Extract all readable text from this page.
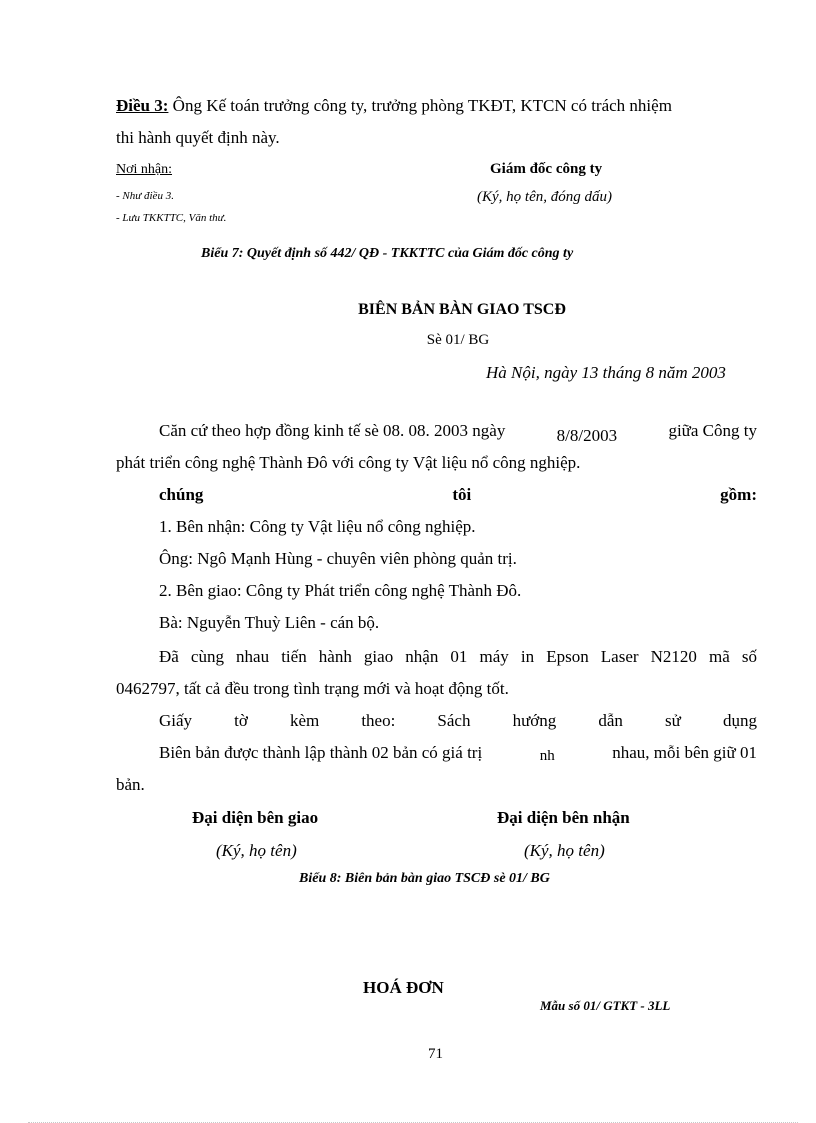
Điều 3: Ông Kế toán trưởng công ty, trưởng phòng TKĐT, KTCN có trách nhiệm
thi hành quyết định này.
Nơi nhận:
- Như điều 3.
- Lưu TKKTTC, Văn thư.
Giám đốc công ty
(Ký, họ tên, đóng dấu)
Biểu 7: Quyết định số 442/ QĐ - TKKTTC của Giám đốc công ty
BIÊN BẢN BÀN GIAO TSCĐ
Sè 01/ BG
Hà Nội, ngày 13 tháng 8 năm 2003
Căn cứ theo hợp đồng kinh tế sè 08. 08. 2003 ngày	8/8/2003	giữa Công ty
phát triển công nghệ Thành Đô với công ty Vật liệu nổ công nghiệp.
chúng	tôi	gồm:
1. Bên nhận: Công ty Vật liệu nổ công nghiệp.
Ông: Ngô Mạnh Hùng - chuyên viên phòng quản trị.
2. Bên giao: Công ty Phát triển công nghệ Thành Đô.
Bà: Nguyễn Thuỳ Liên - cán bộ.
Đã cùng nhau tiến hành giao nhận 01 máy in Epson Laser N2120 mã số
0462797, tất cả đều trong tình trạng mới và hoạt động tốt.
Giấy tờ kèm theo: Sách hướng dẫn sử dụng
Biên bản được thành lập thành 02 bản có giá trị	nh	nhau, mỗi bên giữ 01
bản.
Đại diện bên giao	Đại diện bên nhận
(Ký, họ tên)	(Ký, họ tên)
Biểu 8: Biên bản bàn giao TSCĐ sè 01/ BG
HOÁ ĐƠN
Mẫu số 01/ GTKT - 3LL
71
